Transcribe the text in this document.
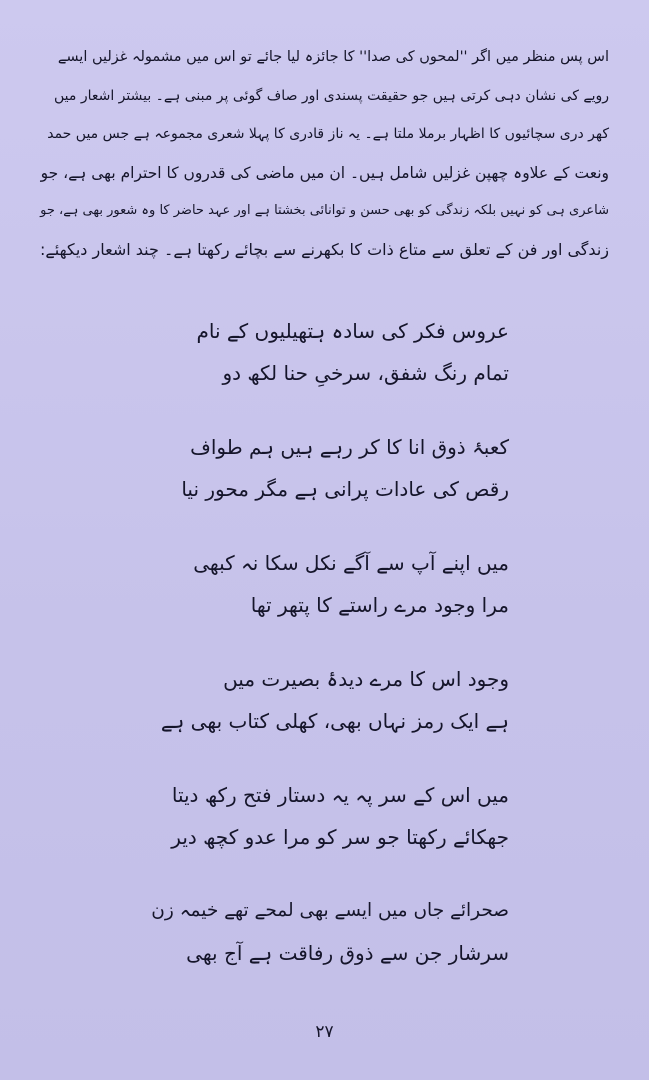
اس پس منظر میں اگر ''لمحوں کی صدا'' کا جائزہ لیا جائے تو اس میں مشمولہ غزلیں ایسے
رویے کی نشان دہی کرتی ہیں جو حقیقت پسندی اور صاف گوئی پر مبنی ہے۔ بیشتر اشعار میں
کھر دری سچائیوں کا اظہار برملا ملتا ہے۔ یہ ناز قادری کا پہلا شعری مجموعہ ہے جس میں حمد
ونعت کے علاوہ چھپن غزلیں شامل ہیں۔ ان میں ماضی کی قدروں کا احترام بھی ہے، جو
شاعری ہی کو نہیں بلکہ زندگی کو بھی حسن و توانائی بخشتا ہے اور عہد حاضر کا وہ شعور بھی ہے، جو
زندگی اور فن کے تعلق سے متاع ذات کا بکھرنے سے بچائے رکھتا ہے۔ چند اشعار دیکھئے:
عروس فکر کی سادہ ہتھیلیوں کے نام
تمام رنگ شفق، سرخیِ حنا لکھ دو
کعبۂ ذوق انا کا کر رہے ہیں ہم طواف
رقص کی عادات پرانی ہے مگر محور نیا
میں اپنے آپ سے آگے نکل سکا نہ کبھی
مرا وجود مرے راستے کا پتھر تھا
وجود اس کا مرے دیدۂ بصیرت میں
ہے ایک رمز نہاں بھی، کھلی کتاب بھی ہے
میں اس کے سر پہ یہ دستار فتح رکھ دیتا
جھکائے رکھتا جو سر کو مرا عدو کچھ دیر
صحرائے جاں میں ایسے بھی لمحے تھے خیمہ زن
سرشار جن سے ذوق رفاقت ہے آج بھی
۲۷
